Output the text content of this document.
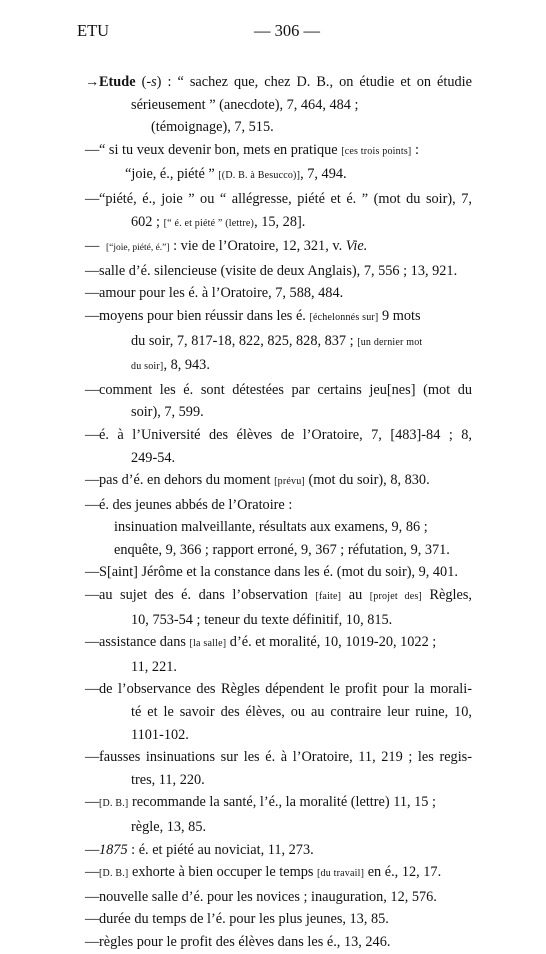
ETU	— 306 —
→ Etude (-s) : “ sachez que, chez D. B., on étudie et on étudie
sérieusement ” (anecdote), 7, 464, 484 ;
(témoignage), 7, 515.
— “ si tu veux devenir bon, mets en pratique [ces trois points] :
“joie, é., piété ” [(D. B. à Besucco)], 7, 494.
— “piété, é., joie ” ou “ allégresse, piété et é. ” (mot du soir), 7,
602 ; [“ é. et piété ” (lettre), 15, 28].
— [“joie, piété, é.”] : vie de l’Oratoire, 12, 321, v. Vie.
— salle d’é. silencieuse (visite de deux Anglais), 7, 556 ; 13, 921.
— amour pour les é. à l’Oratoire, 7, 588, 484.
— moyens pour bien réussir dans les é. [échelonnés sur] 9 mots
du soir, 7, 817-18, 822, 825, 828, 837 ; [un dernier mot
du soir], 8, 943.
— comment les é. sont détestées par certains jeu[nes] (mot du
soir), 7, 599.
— é. à l’Université des élèves de l’Oratoire, 7, [483]-84 ; 8,
249-54.
— pas d’é. en dehors du moment [prévu] (mot du soir), 8, 830.
— é. des jeunes abbés de l’Oratoire :
insinuation malveillante, résultats aux examens, 9, 86 ;
enquête, 9, 366 ; rapport erroné, 9, 367 ; réfutation, 9, 371.
— S[aint] Jérôme et la constance dans les é. (mot du soir), 9, 401.
— au sujet des é. dans l’observation [faite] au [projet des] Règles,
10, 753-54 ; teneur du texte définitif, 10, 815.
— assistance dans [la salle] d’é. et moralité, 10, 1019-20, 1022 ;
11, 221.
— de l’observance des Règles dépendent le profit pour la morali-
té et le savoir des élèves, ou au contraire leur ruine, 10,
1101-102.
— fausses insinuations sur les é. à l’Oratoire, 11, 219 ; les regis-
tres, 11, 220.
— [D. B.] recommande la santé, l’é., la moralité (lettre) 11, 15 ;
règle, 13, 85.
— 1875 : é. et piété au noviciat, 11, 273.
— [D. B.] exhorte à bien occuper le temps [du travail] en é., 12, 17.
— nouvelle salle d’é. pour les novices ; inauguration, 12, 576.
— durée du temps de l’é. pour les plus jeunes, 13, 85.
— règles pour le profit des élèves dans les é., 13, 246.
